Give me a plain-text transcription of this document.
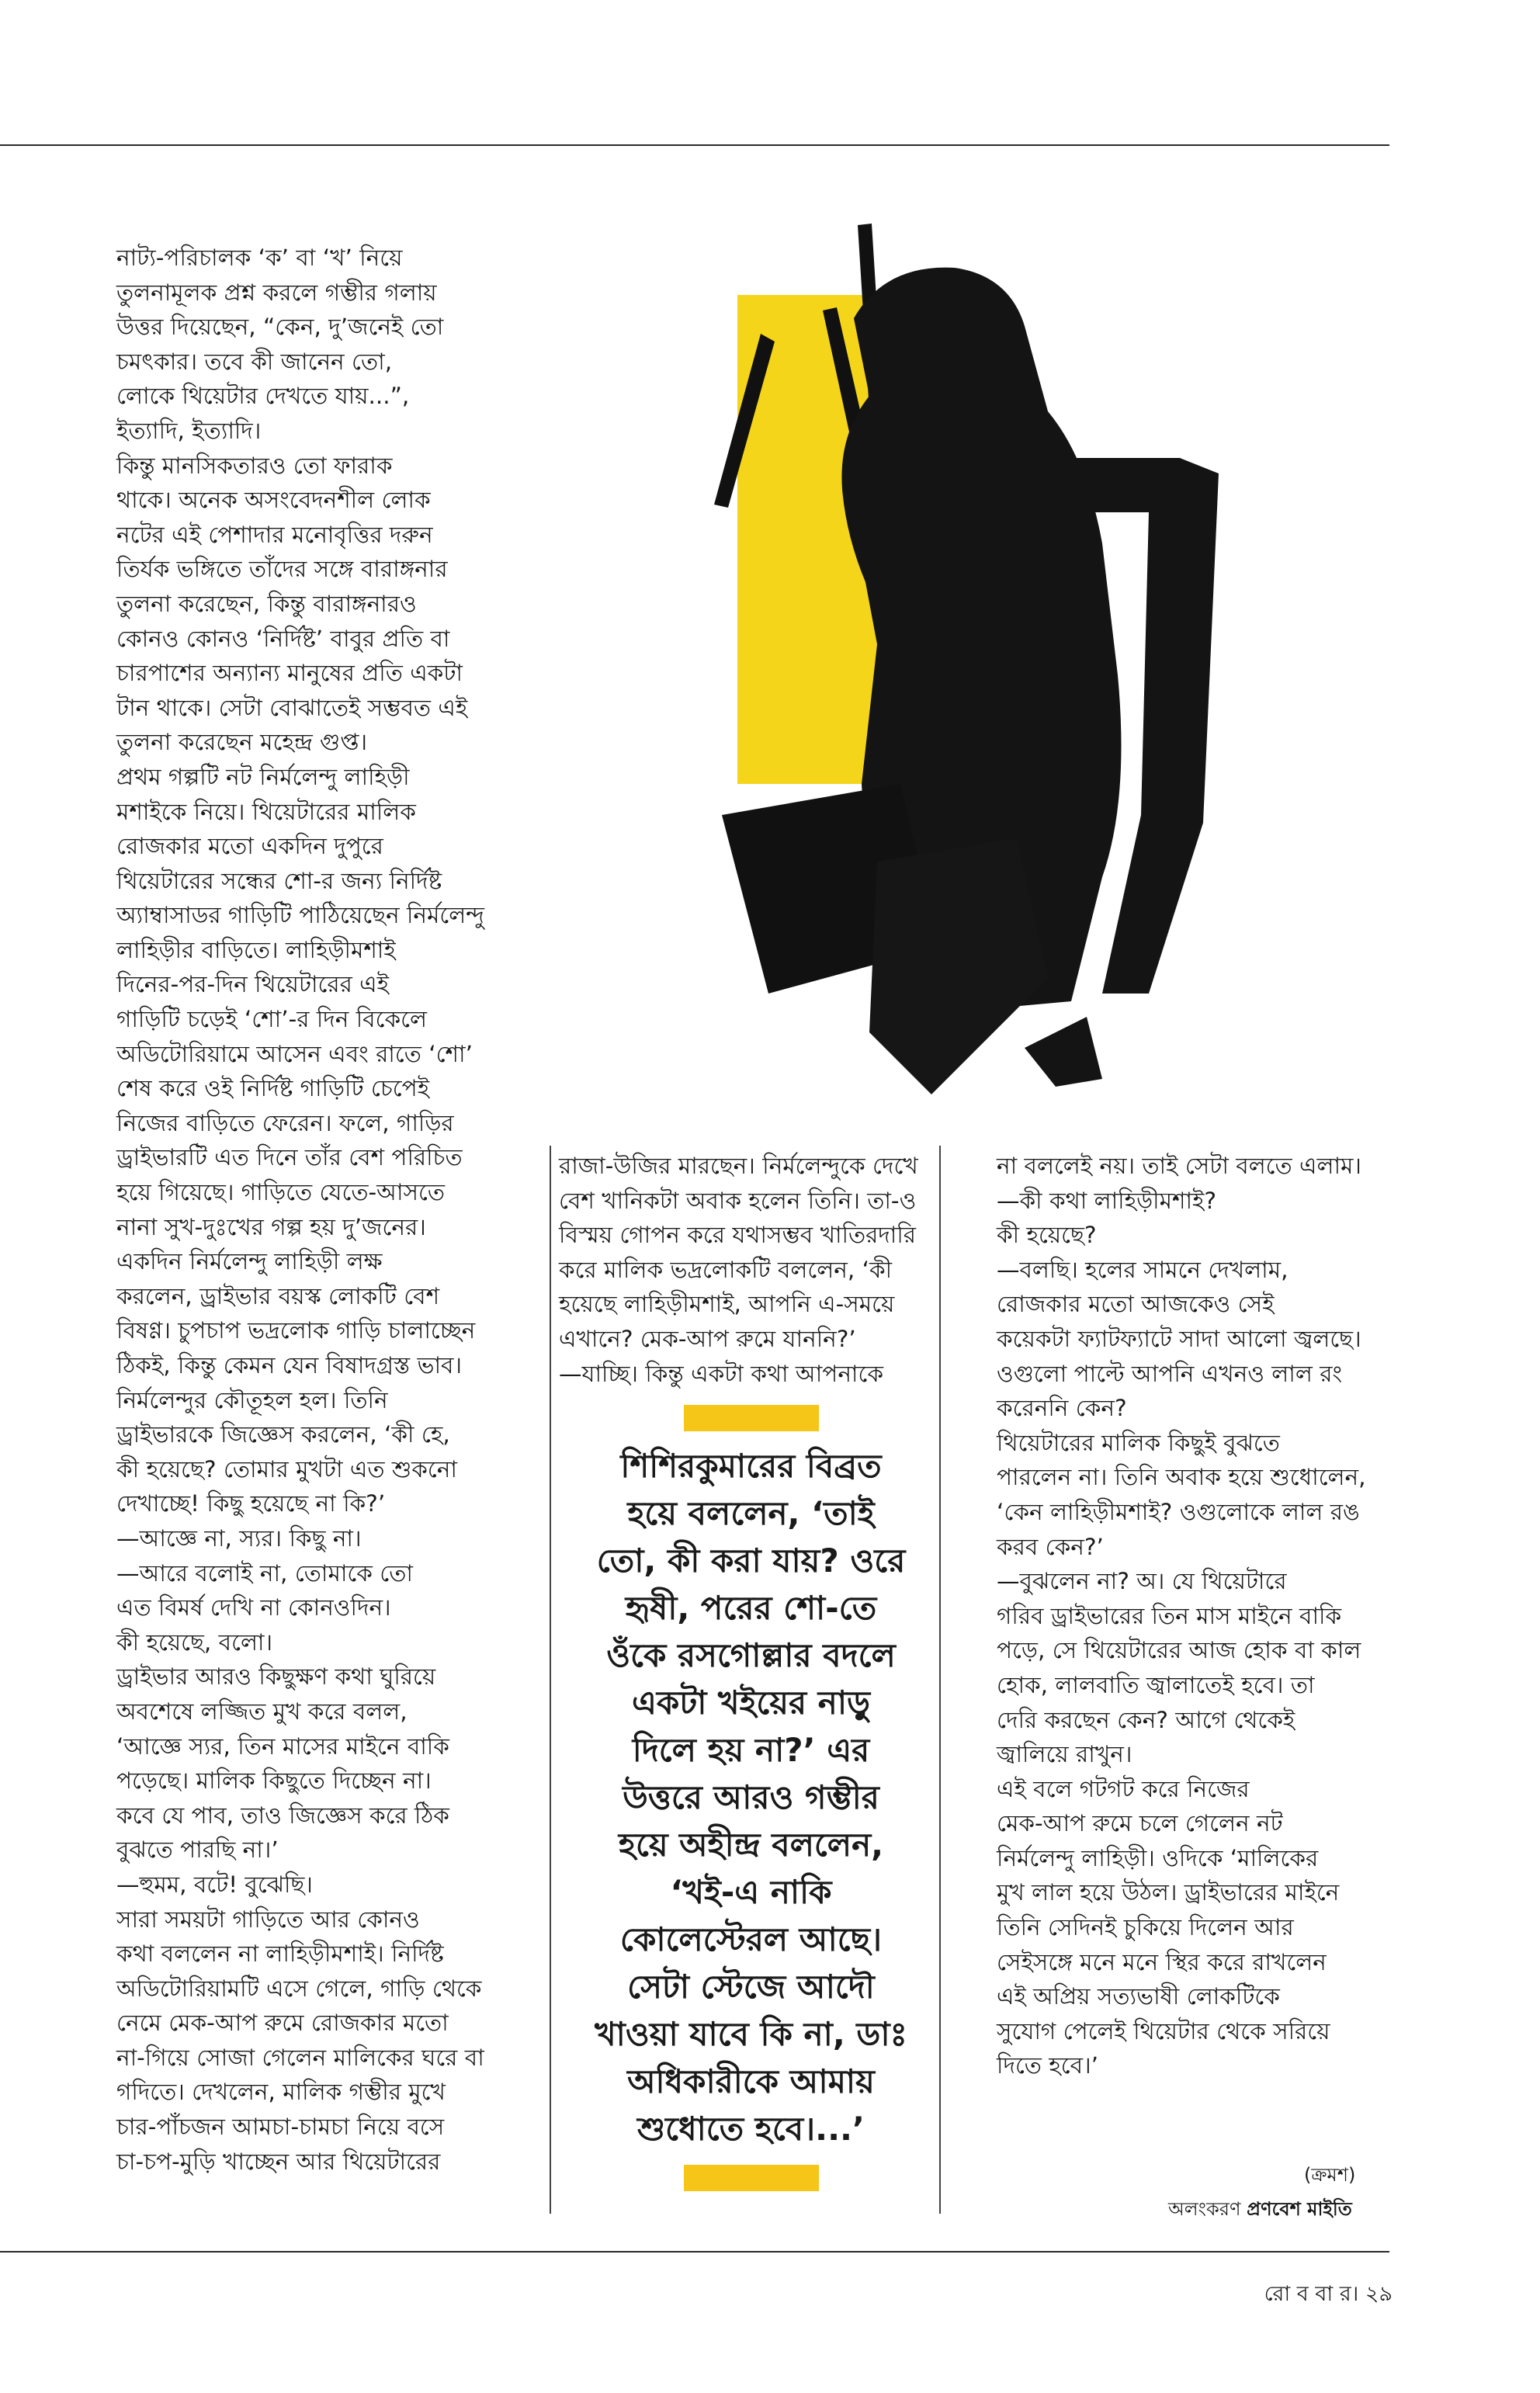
নাট্য-পরিচালক ‘ক’ বা ‘খ’ নিয়ে
তুলনামূলক প্রশ্ন করলে গম্ভীর গলায়
উত্তর দিয়েছেন, “কেন, দু’জনেই তো
চমৎকার। তবে কী জানেন তো,
লোকে থিয়েটার দেখতে যায়...”,
ইত্যাদি, ইত্যাদি।
কিন্তু মানসিকতারও তো ফারাক
থাকে। অনেক অসংবেদনশীল লোক
নটের এই পেশাদার মনোবৃত্তির দরুন
তির্যক ভঙ্গিতে তাঁদের সঙ্গে বারাঙ্গনার
তুলনা করেছেন, কিন্তু বারাঙ্গনারও
কোনও কোনও ‘নির্দিষ্ট’ বাবুর প্রতি বা
চারপাশের অন্যান্য মানুষের প্রতি একটা
টান থাকে। সেটা বোঝাতেই সম্ভবত এই
তুলনা করেছেন মহেন্দ্র গুপ্ত।
প্রথম গল্পটি নট নির্মলেন্দু লাহিড়ী
মশাইকে নিয়ে। থিয়েটারের মালিক
রোজকার মতো একদিন দুপুরে
থিয়েটারের সন্ধের শো-র জন্য নির্দিষ্ট
অ্যাম্বাসাডর গাড়িটি পাঠিয়েছেন নির্মলেন্দু
লাহিড়ীর বাড়িতে। লাহিড়ীমশাই
দিনের-পর-দিন থিয়েটারের এই
গাড়িটি চড়েই ‘শো’-র দিন বিকেলে
অডিটোরিয়ামে আসেন এবং রাতে ‘শো’
শেষ করে ওই নির্দিষ্ট গাড়িটি চেপেই
নিজের বাড়িতে ফেরেন। ফলে, গাড়ির
ড্রাইভারটি এত দিনে তাঁর বেশ পরিচিত
হয়ে গিয়েছে। গাড়িতে যেতে-আসতে
নানা সুখ-দুঃখের গল্প হয় দু’জনের।
একদিন নির্মলেন্দু লাহিড়ী লক্ষ
করলেন, ড্রাইভার বয়স্ক লোকটি বেশ
বিষণ্ণ। চুপচাপ ভদ্রলোক গাড়ি চালাচ্ছেন
ঠিকই, কিন্তু কেমন যেন বিষাদগ্রস্ত ভাব।
নির্মলেন্দুর কৌতূহল হল। তিনি
ড্রাইভারকে জিজ্ঞেস করলেন, ‘কী হে,
কী হয়েছে? তোমার মুখটা এত শুকনো
দেখাচ্ছে! কিছু হয়েছে না কি?’
—আজ্ঞে না, স্যর। কিছু না।
—আরে বলোই না, তোমাকে তো
এত বিমর্ষ দেখি না কোনওদিন।
কী হয়েছে, বলো।
ড্রাইভার আরও কিছুক্ষণ কথা ঘুরিয়ে
অবশেষে লজ্জিত মুখ করে বলল,
‘আজ্ঞে স্যর, তিন মাসের মাইনে বাকি
পড়েছে। মালিক কিছুতে দিচ্ছেন না।
কবে যে পাব, তাও জিজ্ঞেস করে ঠিক
বুঝতে পারছি না।’
—হুমম, বটে! বুঝেছি।
সারা সময়টা গাড়িতে আর কোনও
কথা বললেন না লাহিড়ীমশাই। নির্দিষ্ট
অডিটোরিয়ামটি এসে গেলে, গাড়ি থেকে
নেমে মেক-আপ রুমে রোজকার মতো
না-গিয়ে সোজা গেলেন মালিকের ঘরে বা
গদিতে। দেখলেন, মালিক গম্ভীর মুখে
চার-পাঁচজন আমচা-চামচা নিয়ে বসে
চা-চপ-মুড়ি খাচ্ছেন আর থিয়েটারের
রাজা-উজির মারছেন। নির্মলেন্দুকে দেখে
বেশ খানিকটা অবাক হলেন তিনি। তা-ও
বিস্ময় গোপন করে যথাসম্ভব খাতিরদারি
করে মালিক ভদ্রলোকটি বললেন, ‘কী
হয়েছে লাহিড়ীমশাই, আপনি এ-সময়ে
এখানে? মেক-আপ রুমে যাননি?’
—যাচ্ছি। কিন্তু একটা কথা আপনাকে
না বললেই নয়। তাই সেটা বলতে এলাম।
—কী কথা লাহিড়ীমশাই?
কী হয়েছে?
—বলছি। হলের সামনে দেখলাম,
রোজকার মতো আজকেও সেই
কয়েকটা ফ্যাটফ্যাটে সাদা আলো জ্বলছে।
ওগুলো পাল্টে আপনি এখনও লাল রং
করেননি কেন?
থিয়েটারের মালিক কিছুই বুঝতে
পারলেন না। তিনি অবাক হয়ে শুধোলেন,
‘কেন লাহিড়ীমশাই? ওগুলোকে লাল রঙ
করব কেন?’
—বুঝলেন না? অ। যে থিয়েটারে
গরিব ড্রাইভারের তিন মাস মাইনে বাকি
পড়ে, সে থিয়েটারের আজ হোক বা কাল
হোক, লালবাতি জ্বালাতেই হবে। তা
দেরি করছেন কেন? আগে থেকেই
জ্বালিয়ে রাখুন।
এই বলে গটগট করে নিজের
মেক-আপ রুমে চলে গেলেন নট
নির্মলেন্দু লাহিড়ী। ওদিকে ‘মালিকের
মুখ লাল হয়ে উঠল। ড্রাইভারের মাইনে
তিনি সেদিনই চুকিয়ে দিলেন আর
সেইসঙ্গে মনে মনে স্থির করে রাখলেন
এই অপ্রিয় সত্যভাষী লোকটিকে
সুযোগ পেলেই থিয়েটার থেকে সরিয়ে
দিতে হবে।’
শিশিরকুমারের বিব্রত
হয়ে বললেন, ‘তাই
তো, কী করা যায়? ওরে
হৃষী, পরের শো-তে
ওঁকে রসগোল্লার বদলে
একটা খইয়ের নাড়ু
দিলে হয় না?’ এর
উত্তরে আরও গম্ভীর
হয়ে অহীন্দ্র বললেন,
‘খই-এ নাকি
কোলেস্টেরল আছে।
সেটা স্টেজে আদৌ
খাওয়া যাবে কি না, ডাঃ
অধিকারীকে আমায়
শুধোতে হবে।...’
(ক্রমশ)
অলংকরণ প্রণবেশ মাইতি
রো ব বা র। ২৯
